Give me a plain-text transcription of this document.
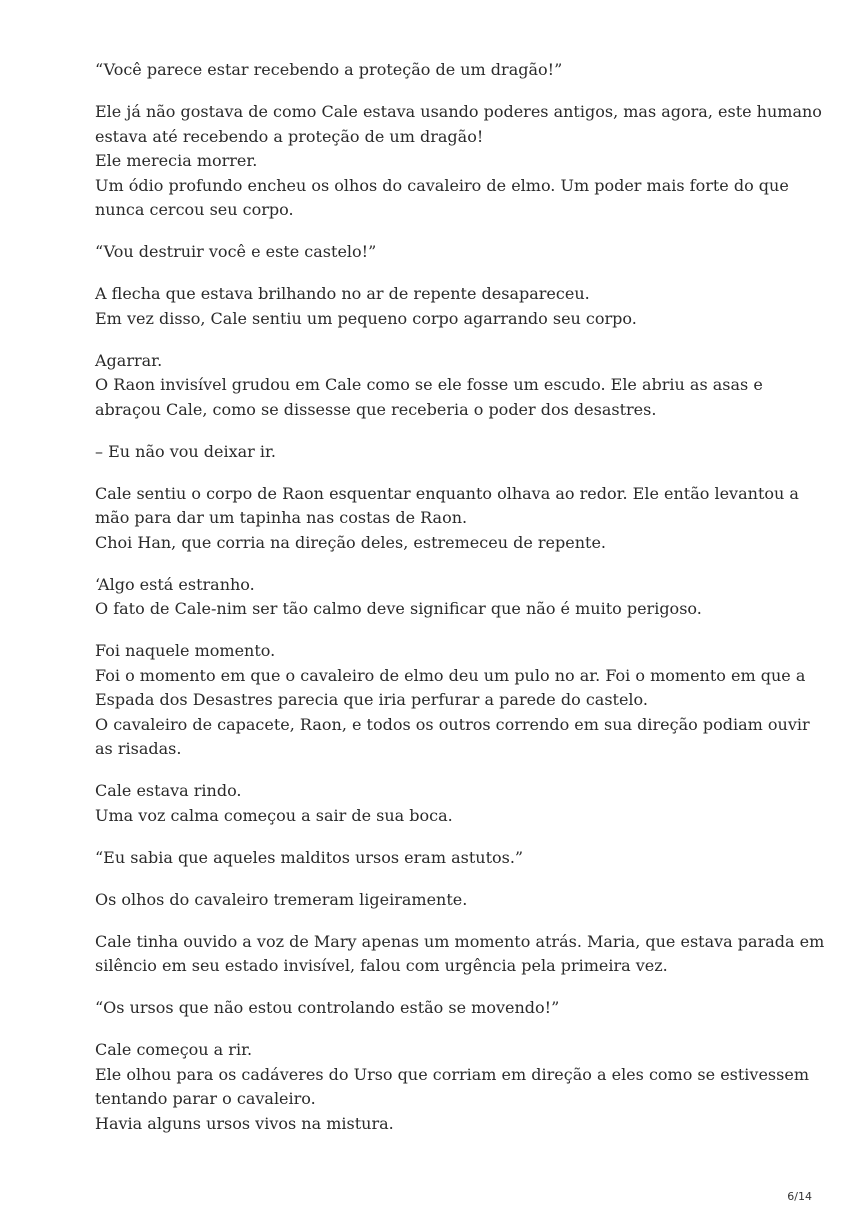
“Você parece estar recebendo a proteção de um dragão!”

Ele já não gostava de como Cale estava usando poderes antigos, mas agora, este humano
estava até recebendo a proteção de um dragão!
Ele merecia morrer.
Um ódio profundo encheu os olhos do cavaleiro de elmo. Um poder mais forte do que
nunca cercou seu corpo.

“Vou destruir você e este castelo!”

A flecha que estava brilhando no ar de repente desapareceu.
Em vez disso, Cale sentiu um pequeno corpo agarrando seu corpo.

Agarrar.
O Raon invisível grudou em Cale como se ele fosse um escudo. Ele abriu as asas e
abraçou Cale, como se dissesse que receberia o poder dos desastres.

– Eu não vou deixar ir.

Cale sentiu o corpo de Raon esquentar enquanto olhava ao redor. Ele então levantou a
mão para dar um tapinha nas costas de Raon.
Choi Han, que corria na direção deles, estremeceu de repente.

‘Algo está estranho.
O fato de Cale-nim ser tão calmo deve significar que não é muito perigoso.

Foi naquele momento.
Foi o momento em que o cavaleiro de elmo deu um pulo no ar. Foi o momento em que a
Espada dos Desastres parecia que iria perfurar a parede do castelo.
O cavaleiro de capacete, Raon, e todos os outros correndo em sua direção podiam ouvir
as risadas.

Cale estava rindo.
Uma voz calma começou a sair de sua boca.

“Eu sabia que aqueles malditos ursos eram astutos.”

Os olhos do cavaleiro tremeram ligeiramente.

Cale tinha ouvido a voz de Mary apenas um momento atrás. Maria, que estava parada em
silêncio em seu estado invisível, falou com urgência pela primeira vez.

“Os ursos que não estou controlando estão se movendo!”

Cale começou a rir.
Ele olhou para os cadáveres do Urso que corriam em direção a eles como se estivessem
tentando parar o cavaleiro.
Havia alguns ursos vivos na mistura.

6/14
